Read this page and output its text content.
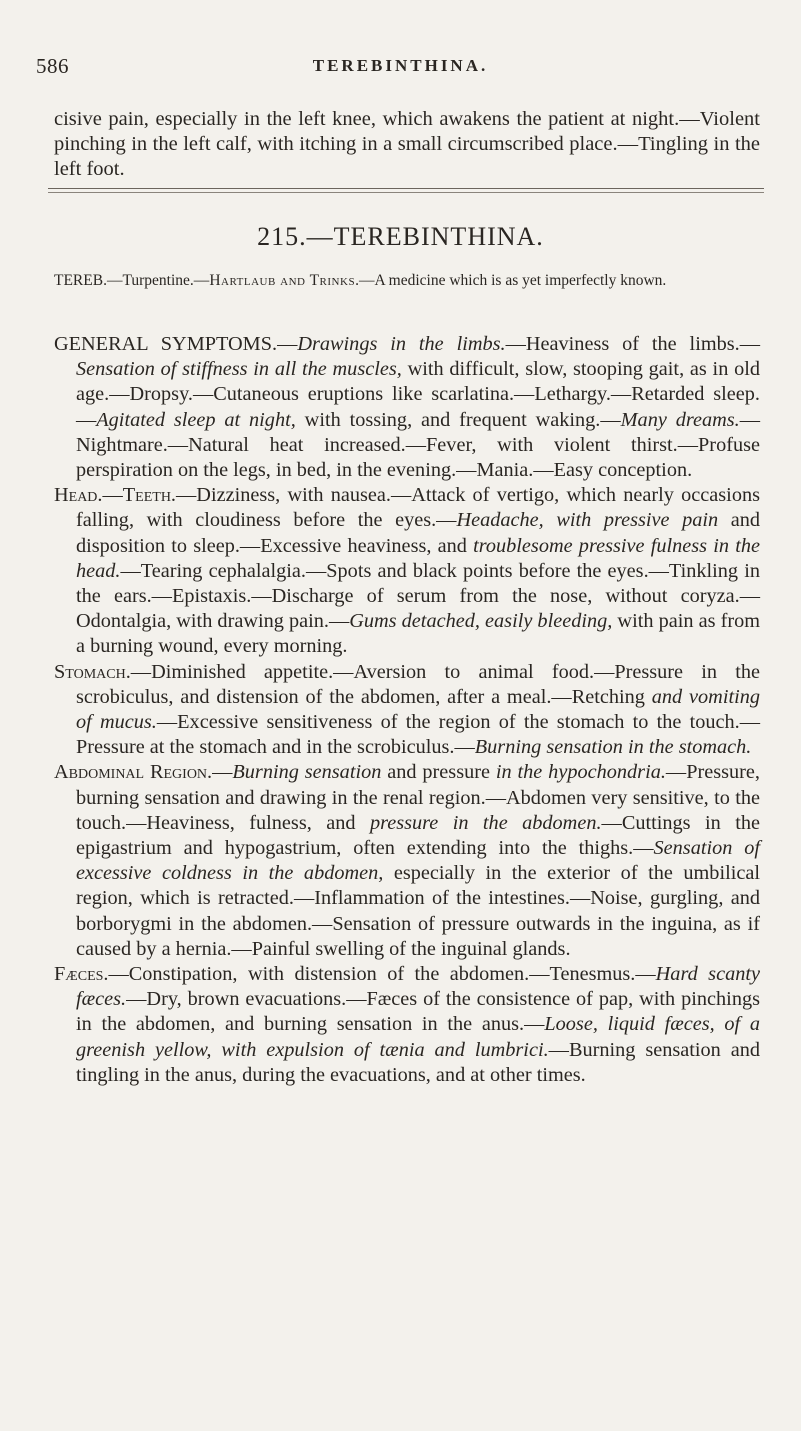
586	TEREBINTHINA.

cisive pain, especially in the left knee, which awakens the patient at night.—Violent pinching in the left calf, with itching in a small circumscribed place.—Tingling in the left foot.

215.—TEREBINTHINA.

TEREB.—Turpentine.—Hartlaub and Trinks.—A medicine which is as yet imperfectly known.

GENERAL SYMPTOMS.—Drawings in the limbs.—Heaviness of the limbs.—Sensation of stiffness in all the muscles, with difficult, slow, stooping gait, as in old age.—Dropsy.—Cutaneous eruptions like scarlatina.—Lethargy.—Retarded sleep.—Agitated sleep at night, with tossing, and frequent waking.—Many dreams.—Nightmare.—Natural heat increased.—Fever, with violent thirst.—Profuse perspiration on the legs, in bed, in the evening.—Mania.—Easy conception.

Head.—Teeth.—Dizziness, with nausea.—Attack of vertigo, which nearly occasions falling, with cloudiness before the eyes.—Headache, with pressive pain and disposition to sleep.—Excessive heaviness, and troublesome pressive fulness in the head.—Tearing cephalalgia.—Spots and black points before the eyes.—Tinkling in the ears.—Epistaxis.—Discharge of serum from the nose, without coryza.—Odontalgia, with drawing pain.—Gums detached, easily bleeding, with pain as from a burning wound, every morning.

Stomach.—Diminished appetite.—Aversion to animal food.—Pressure in the scrobiculus, and distension of the abdomen, after a meal.—Retching and vomiting of mucus.—Excessive sensitiveness of the region of the stomach to the touch.—Pressure at the stomach and in the scrobiculus.—Burning sensation in the stomach.

Abdominal Region.—Burning sensation and pressure in the hypochondria.—Pressure, burning sensation and drawing in the renal region.—Abdomen very sensitive, to the touch.—Heaviness, fulness, and pressure in the abdomen.—Cuttings in the epigastrium and hypogastrium, often extending into the thighs.—Sensation of excessive coldness in the abdomen, especially in the exterior of the umbilical region, which is retracted.—Inflammation of the intestines.—Noise, gurgling, and borborygmi in the abdomen.—Sensation of pressure outwards in the inguina, as if caused by a hernia.—Painful swelling of the inguinal glands.

Fæces.—Constipation, with distension of the abdomen.—Tenesmus.—Hard scanty fæces.—Dry, brown evacuations.—Fæces of the consistence of pap, with pinchings in the abdomen, and burning sensation in the anus.—Loose, liquid fæces, of a greenish yellow, with expulsion of tænia and lumbrici.—Burning sensation and tingling in the anus, during the evacuations, and at other times.
